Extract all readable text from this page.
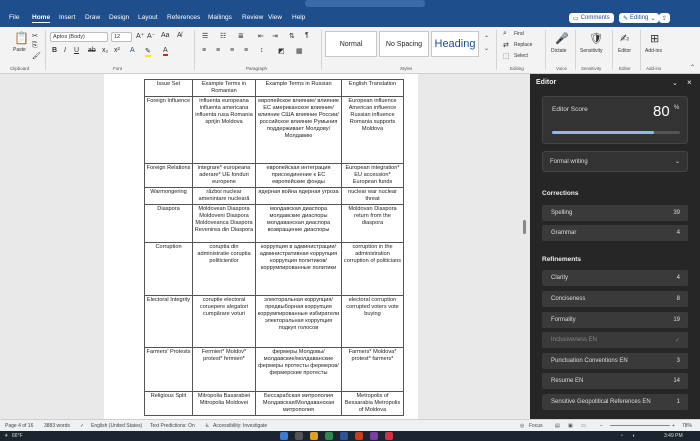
File Home Insert Draw Design Layout References Mailings Review View Help	▭ Comments ✎ Editing ⌄ ⇪
📋
Paste
✂
⎘
🖌
Clipboard
Aptos (Body)	12	A⁺ A⁻ Aa A̸
B I U ab x₂ x² A ✎ A
Font
☰ ☷ ≣ ⇤ ⇥ ⇅ ¶
≡ ≡ ≡ ≡ ↕ ◩ ▦
Paragraph
Normal	No Spacing	Heading	⌃
⌄
Styles
⌕ Find
⇄ Replace
⬚ Select
Editing
🎤
Dictate
Voice
🛡
Sensitivity
Sensitivity
✍
Editor
Editor
⊞
Add-ins
Add-ins	⌃
Issue Set	Example Terms in Romanian	Example Terms in Russian	English Translation
Foreign Influence	influenta europeana influenta americana influenta rusa Romania sprijin Moldova	европейское влияние/ влияние ЕС американское влияние/ влияние США влияние России/ российское влияние Румыния поддерживает Молдову/ Молдавию	European influence American influence Russian influence Romania supports Moldova
Foreign Relations	integrare* europeana aderare* UE fonduri europene	европейская интеграция присоединение к ЕС европейские фонды	European integration* EU accession* European funds
Warmongering	război nuclear amenintare nucleară	ядерная война ядерная угроза	nuclear war nuclear threat
Diaspora	Moldovean Diaspora Moldoveni Diaspora Moldoveanca Diaspora Revenirea din Diaspora	молдавская диаспора молдавские диаспоры молдаванская диаспора возвращение диаспоры	Moldovan Diaspora return from the diaspora
Corruption	coruptia din administratie coruptia politicienilor	коррупция в администрации/ административная коррупция коррупция политиков/ коррумпированные политики	corruption in the administration corruption of politicians
Electoral Integrity	coruptie electoral coruepere alegatori cumpărare voturi	электоральная коррупция/ предвыборная коррупция коррумпированные избиратели электоральная коррупция подкуп голосов	electoral corruption corrupted voters vote buying
Farmers' Protests	Fermieri* Moldov* protest* fermieri*	фермеры Молдовы/ молдавские/молдаванские фермеры протесты фермеров/ фермерские протесты	Farmers* Moldova* protest* farmers*
Religious Split	Mitropolia Basarabiei Mitropolia Moldovei	Бессарабская митрополия Молдавская/Молдаванская митрополия	Metropolis of Bessarabia Metropolis of Moldova
Editor	⌄ ×
Editor Score	80 %
Formal writing	⌄
Corrections
Spelling	39
Grammar	4
Refinements
Clarity	4
Conciseness	8
Formality	19
Inclusiveness EN	✓
Punctuation Conventions EN	3
Resume EN	14
Sensitive Geopolitical References EN	1
Page 4 of 16 3883 words ✓ English (United States) Text Predictions: On ♿ Accessibility: Investigate	◎ Focus ▤ ▣ ▭	−	+ 78%
☀ 66°F	◔ ◖	3:49 PM
